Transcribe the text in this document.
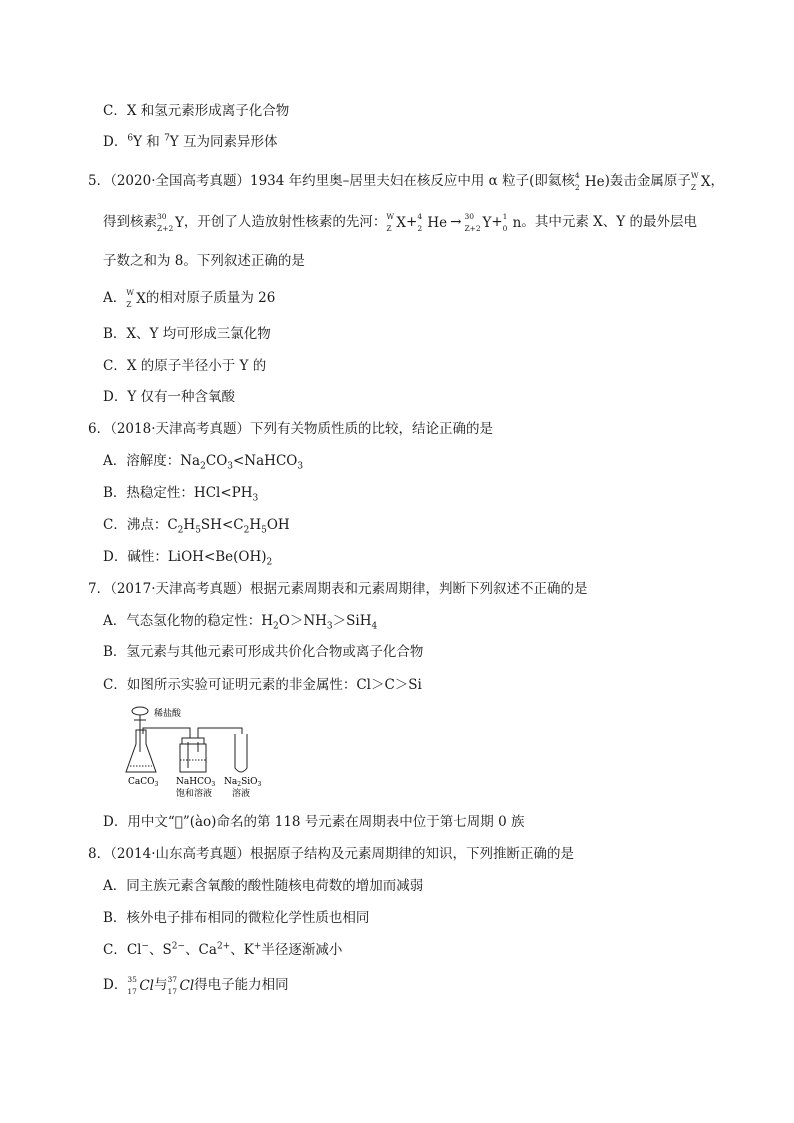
C．X 和氢元素形成离子化合物
D．$^6$Y 和 $^7$Y 互为同素异形体
5．（2020·全国高考真题）1934 年约里奥–居里夫妇在核反应中用 α 粒子(即氦核 4
2 He)轰击金属原子 W
Z X，
得到核素 30
Z+2 Y，开创了人造放射性核素的先河： W
Z X+ 4
2 He → 30
Z+2 Y+ 1
0 n。其中元素 X、Y 的最外层电
子数之和为 8。下列叙述正确的是
A． W
Z X的相对原子质量为 26
B．X、Y 均可形成三氯化物
C．X 的原子半径小于 Y 的
D．Y 仅有一种含氧酸
6．（2018·天津高考真题）下列有关物质性质的比较，结论正确的是
A．溶解度：$Na_2CO_3<NaHCO_3$
B．热稳定性：$HCl<PH_3$
C．沸点：$C_2H_5SH<C_2H_5OH$
D．碱性：$LiOH<Be(OH)_2$
7．（2017·天津高考真题）根据元素周期表和元素周期律，判断下列叙述不正确的是
A．气态氢化物的稳定性：$H_2O>NH_3>SiH_4$
B．氢元素与其他元素可形成共价化合物或离子化合物
C．如图所示实验可证明元素的非金属性：Cl＞C＞Si
稀盐酸
CaCO$_3$ NaHCO$_3$
饱和溶液
$Na_2SiO_3$
溶液
D．用中文“ ”(ào)命名的第 118 号元素在周期表中位于第七周期 0 族
8．（2014·山东高考真题）根据原子结构及元素周期律的知识，下列推断正确的是
A．同主族元素含氧酸的酸性随核电荷数的增加而减弱
B．核外电子排布相同的微粒化学性质也相同
C．Cl−、$S^{2-}$、$Ca^{2+}$、K+半径逐渐减小
D． 35
17 Cl与 37
17 Cl得电子能力相同
